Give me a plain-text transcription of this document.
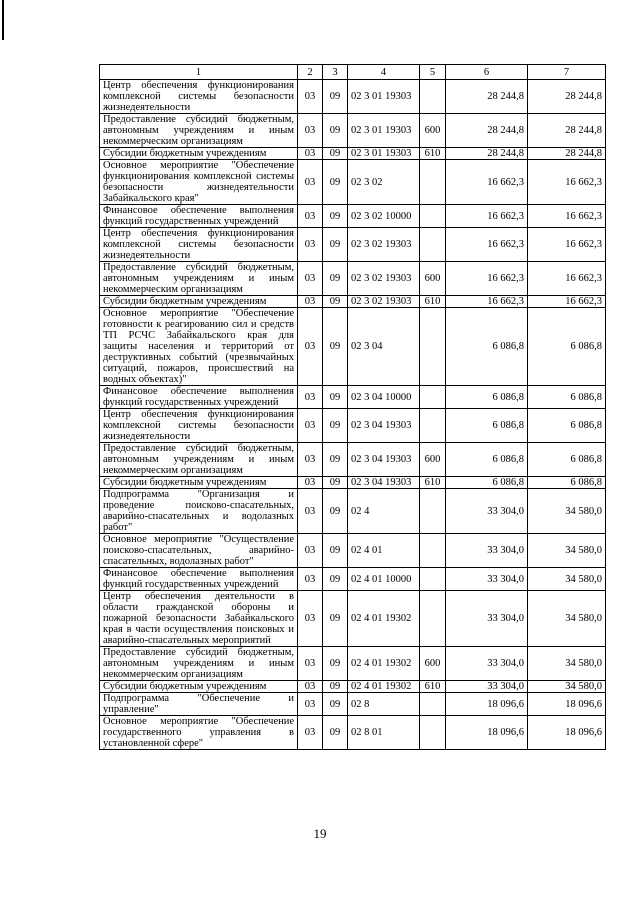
1	2	3	4	5	6	7
Центр обеспечения функционирования комплексной системы безопасности жизнедеятельности	03	09	02 3 01 19303		28 244,8	28 244,8
Предоставление субсидий бюджетным, автономным учреждениям и иным некоммерческим организациям	03	09	02 3 01 19303	600	28 244,8	28 244,8
Субсидии бюджетным учреждениям	03	09	02 3 01 19303	610	28 244,8	28 244,8
Основное мероприятие "Обеспечение функционирования комплексной системы безопасности жизнедеятельности Забайкальского края"	03	09	02 3 02		16 662,3	16 662,3
Финансовое обеспечение выполнения функций государственных учреждений	03	09	02 3 02 10000		16 662,3	16 662,3
Центр обеспечения функционирования комплексной системы безопасности жизнедеятельности	03	09	02 3 02 19303		16 662,3	16 662,3
Предоставление субсидий бюджетным, автономным учреждениям и иным некоммерческим организациям	03	09	02 3 02 19303	600	16 662,3	16 662,3
Субсидии бюджетным учреждениям	03	09	02 3 02 19303	610	16 662,3	16 662,3
Основное мероприятие "Обеспечение готовности к реагированию сил и средств ТП РСЧС Забайкальского края для защиты населения и территорий от деструктивных событий (чрезвычайных ситуаций, пожаров, происшествий на водных объектах)"	03	09	02 3 04		6 086,8	6 086,8
Финансовое обеспечение выполнения функций государственных учреждений	03	09	02 3 04 10000		6 086,8	6 086,8
Центр обеспечения функционирования комплексной системы безопасности жизнедеятельности	03	09	02 3 04 19303		6 086,8	6 086,8
Предоставление субсидий бюджетным, автономным учреждениям и иным некоммерческим организациям	03	09	02 3 04 19303	600	6 086,8	6 086,8
Субсидии бюджетным учреждениям	03	09	02 3 04 19303	610	6 086,8	6 086,8
Подпрограмма "Организация и проведение поисково-спасательных, аварийно-спасательных и водолазных работ"	03	09	02 4		33 304,0	34 580,0
Основное мероприятие "Осуществление поисково-спасательных, аварийно-спасательных, водолазных работ"	03	09	02 4 01		33 304,0	34 580,0
Финансовое обеспечение выполнения функций государственных учреждений	03	09	02 4 01 10000		33 304,0	34 580,0
Центр обеспечения деятельности в области гражданской обороны и пожарной безопасности Забайкальского края в части осуществления поисковых и аварийно-спасательных мероприятий	03	09	02 4 01 19302		33 304,0	34 580,0
Предоставление субсидий бюджетным, автономным учреждениям и иным некоммерческим организациям	03	09	02 4 01 19302	600	33 304,0	34 580,0
Субсидии бюджетным учреждениям	03	09	02 4 01 19302	610	33 304,0	34 580,0
Подпрограмма "Обеспечение и управление"	03	09	02 8		18 096,6	18 096,6
Основное мероприятие "Обеспечение государственного управления в установленной сфере"	03	09	02 8 01		18 096,6	18 096,6
19
